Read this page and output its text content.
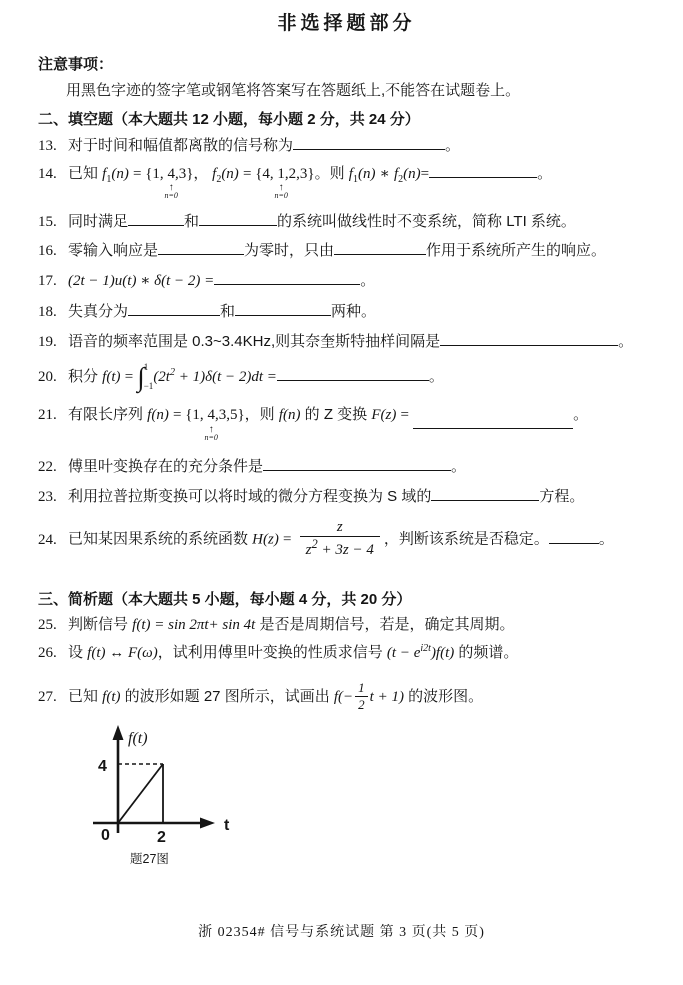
非选择题部分
注意事项：
用黑色字迹的签字笔或钢笔将答案写在答题纸上,不能答在试题卷上。
二、填空题（本大题共 12 小题，每小题 2 分，共 24 分）
13. 对于时间和幅值都离散的信号称为	。
14. 已知 $f_1(n) = \{1$, 4
↑
n=0
,3}， $f_2(n) = \{4$, 1
↑
n=0
,2,3}。则 $f_1(n)$ ∗ $f_2(n)=$	。
15. 同时满足	和	的系统叫做线性时不变系统，简称 LTI 系统。
16. 零输入响应是	为零时，只由	作用于系统所产生的响应。
17. (2t − 1)u(t) ∗ δ(t − 2) =	。
18. 失真分为	和	两种。
19. 语音的频率范围是 0.3~3.4KHz,则其奈奎斯特抽样间隔是	。
20. 积分 f(t) = ∫ 1
−1
$(2t^2 + 1)\delta(t - 2)dt$ =	。
21. 有限长序列 f(n) = {1, 4
↑
n=0
,3,5}，则 f(n) 的 Z 变换 F(z) =	。
22. 傅里叶变换存在的充分条件是	。
23. 利用拉普拉斯变换可以将时域的微分方程变换为 S 域的	方程。
24. 已知某因果系统的系统函数 $H(z) = \frac{z}{z^2 + 3z - 4}$ ，判断该系统是否稳定。	。
三、简析题（本大题共 5 小题，每小题 4 分，共 20 分）
25. 判断信号 f(t) = sin 2πt+ sin 4t 是否是周期信号，若是，确定其周期。
26. 设 f(t) ↔ F(ω)，试利用傅里叶变换的性质求信号 $(t - e^{i2t})f(t)$ 的频谱。
27. 已知 f(t) 的波形如题 27 图所示，试画出 $f(- \frac{1}{2}$ t + 1) 的波形图。
f(t)
4
0	2
t
题27图
浙 02354# 信号与系统试题 第 3 页(共 5 页)
